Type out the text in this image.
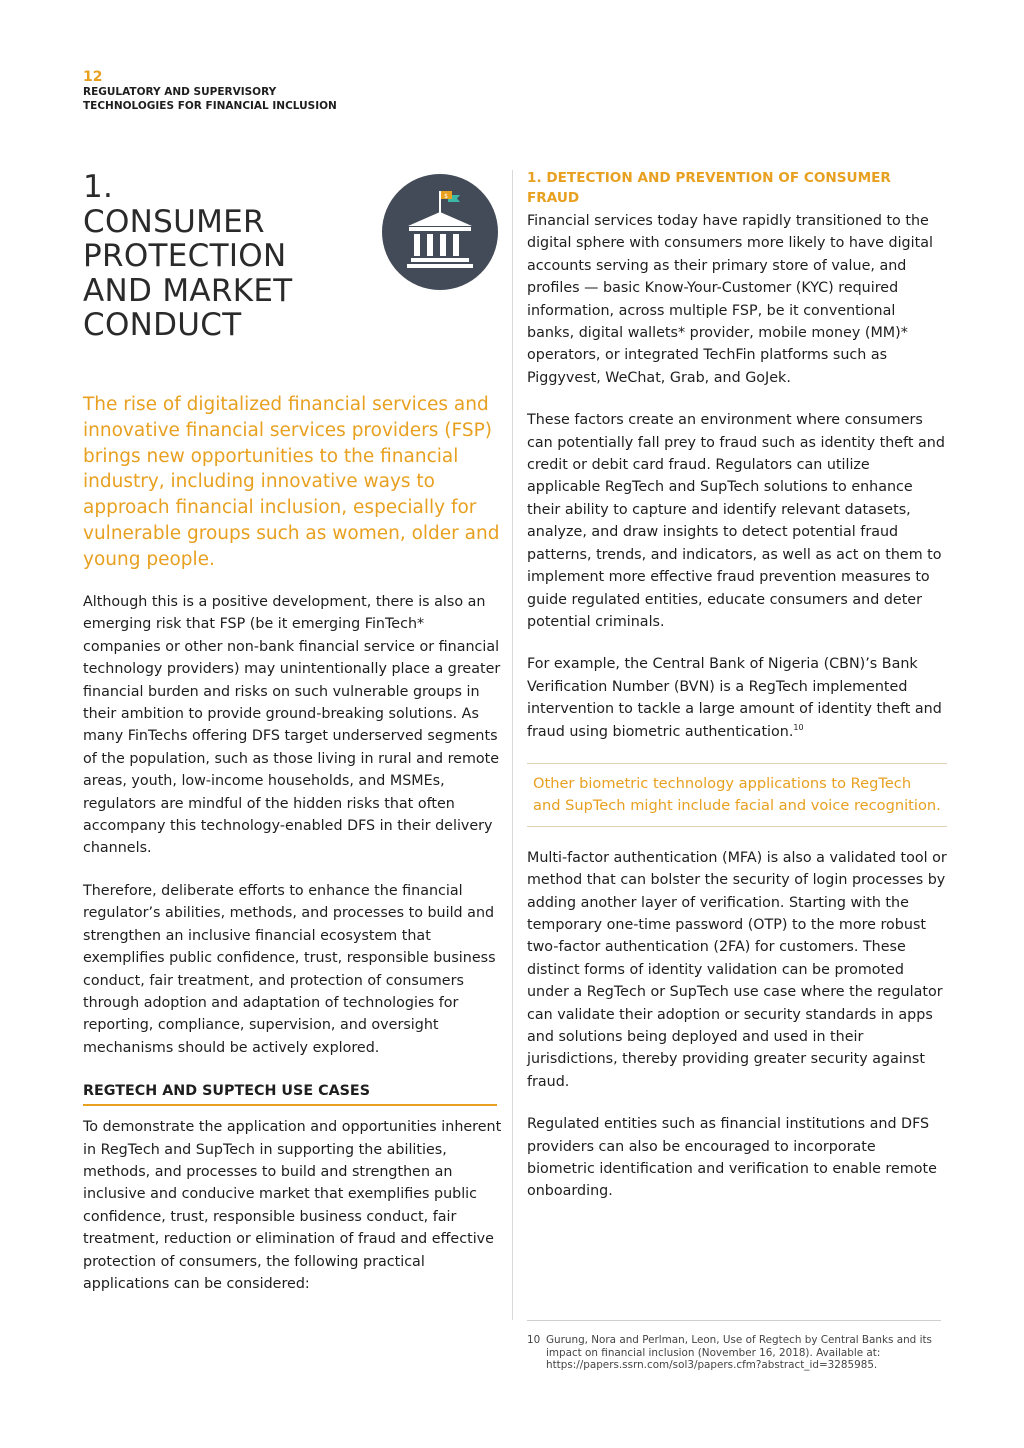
12
REGULATORY AND SUPERVISORY
TECHNOLOGIES FOR FINANCIAL INCLUSION
1.
CONSUMER
PROTECTION
AND MARKET
CONDUCT
$
The rise of digitalized financial services and innovative financial services providers (FSP) brings new opportunities to the financial industry, including innovative ways to approach financial inclusion, especially for vulnerable groups such as women, older and young people.

Although this is a positive development, there is also an emerging risk that FSP (be it emerging FinTech* companies or other non-bank financial service or financial technology providers) may unintentionally place a greater financial burden and risks on such vulnerable groups in their ambition to provide ground-breaking solutions. As many FinTechs offering DFS target underserved segments of the population, such as those living in rural and remote areas, youth, low-income households, and MSMEs, regulators are mindful of the hidden risks that often accompany this technology-enabled DFS in their delivery channels.

Therefore, deliberate efforts to enhance the financial regulator’s abilities, methods, and processes to build and strengthen an inclusive financial ecosystem that exemplifies public confidence, trust, responsible business conduct, fair treatment, and protection of consumers through adoption and adaptation of technologies for reporting, compliance, supervision, and oversight mechanisms should be actively explored.

REGTECH AND SUPTECH USE CASES

To demonstrate the application and opportunities inherent in RegTech and SupTech in supporting the abilities, methods, and processes to build and strengthen an inclusive and conducive market that exemplifies public confidence, trust, responsible business conduct, fair treatment, reduction or elimination of fraud and effective protection of consumers, the following practical applications can be considered:

1. DETECTION AND PREVENTION OF CONSUMER FRAUD

Financial services today have rapidly transitioned to the digital sphere with consumers more likely to have digital accounts serving as their primary store of value, and profiles — basic Know-Your-Customer (KYC) required information, across multiple FSP, be it conventional banks, digital wallets* provider, mobile money (MM)* operators, or integrated TechFin platforms such as Piggyvest, WeChat, Grab, and GoJek.

These factors create an environment where consumers can potentially fall prey to fraud such as identity theft and credit or debit card fraud. Regulators can utilize applicable RegTech and SupTech solutions to enhance their ability to capture and identify relevant datasets, analyze, and draw insights to detect potential fraud patterns, trends, and indicators, as well as act on them to implement more effective fraud prevention measures to guide regulated entities, educate consumers and deter potential criminals.

For example, the Central Bank of Nigeria (CBN)’s Bank Verification Number (BVN) is a RegTech implemented intervention to tackle a large amount of identity theft and fraud using biometric authentication.$^{10}$

Other biometric technology applications to RegTech and SupTech might include facial and voice recognition.

Multi-factor authentication (MFA) is also a validated tool or method that can bolster the security of login processes by adding another layer of verification. Starting with the temporary one-time password (OTP) to the more robust two-factor authentication (2FA) for customers. These distinct forms of identity validation can be promoted under a RegTech or SupTech use case where the regulator can validate their adoption or security standards in apps and solutions being deployed and used in their jurisdictions, thereby providing greater security against fraud.

Regulated entities such as financial institutions and DFS providers can also be encouraged to incorporate biometric identification and verification to enable remote onboarding.

10 Gurung, Nora and Perlman, Leon, Use of Regtech by Central Banks and its impact on financial inclusion (November 16, 2018). Available at: https://papers.ssrn.com/sol3/papers.cfm?abstract_id=3285985.
